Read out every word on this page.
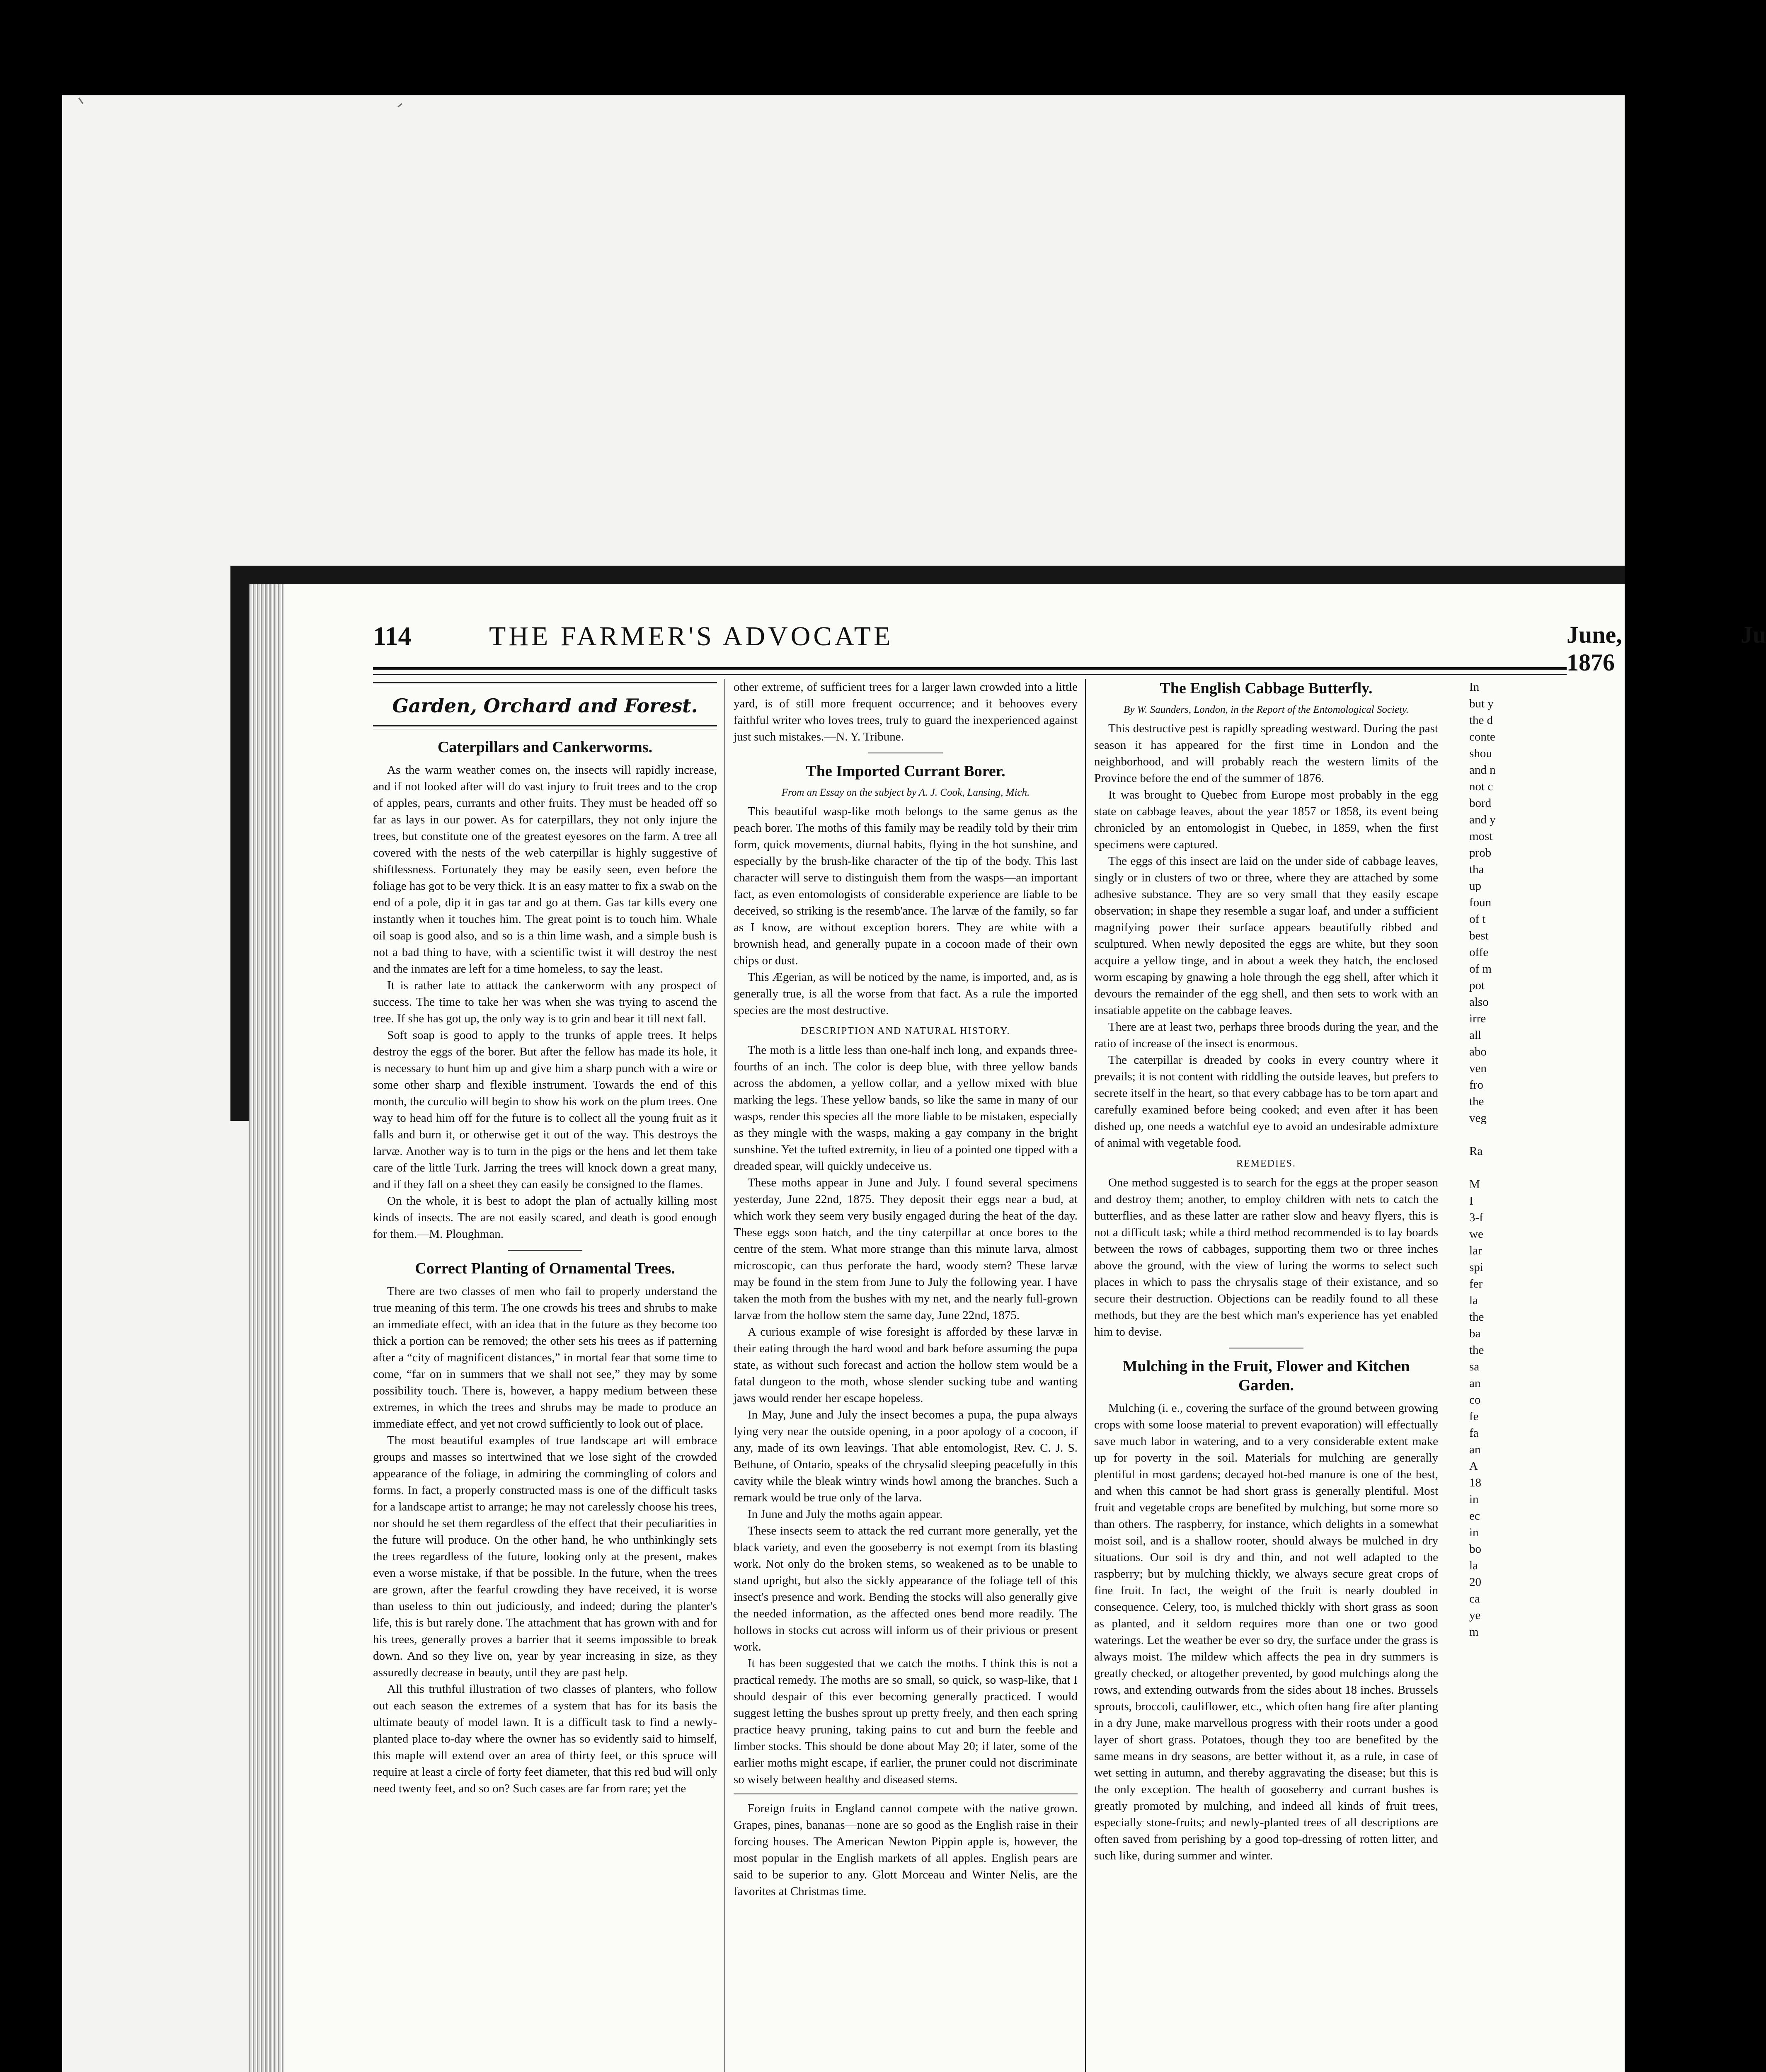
114	THE FARMER'S ADVOCATE	June, 1876
Ju
Garden, Orchard and Forest.
Caterpillars and Cankerworms.

As the warm weather comes on, the insects will rapidly increase, and if not looked after will do vast injury to fruit trees and to the crop of apples, pears, currants and other fruits. They must be headed off so far as lays in our power. As for caterpillars, they not only injure the trees, but constitute one of the greatest eyesores on the farm. A tree all covered with the nests of the web caterpillar is highly suggestive of shiftlessness. Fortunately they may be easily seen, even before the foliage has got to be very thick. It is an easy matter to fix a swab on the end of a pole, dip it in gas tar and go at them. Gas tar kills every one instantly when it touches him. The great point is to touch him. Whale oil soap is good also, and so is a thin lime wash, and a simple bush is not a bad thing to have, with a scientific twist it will destroy the nest and the inmates are left for a time homeless, to say the least.

It is rather late to atttack the cankerworm with any prospect of success. The time to take her was when she was trying to ascend the tree. If she has got up, the only way is to grin and bear it till next fall.

Soft soap is good to apply to the trunks of apple trees. It helps destroy the eggs of the borer. But after the fellow has made its hole, it is necessary to hunt him up and give him a sharp punch with a wire or some other sharp and flexible instrument. Towards the end of this month, the curculio will begin to show his work on the plum trees. One way to head him off for the future is to collect all the young fruit as it falls and burn it, or otherwise get it out of the way. This destroys the larvæ. Another way is to turn in the pigs or the hens and let them take care of the little Turk. Jarring the trees will knock down a great many, and if they fall on a sheet they can easily be consigned to the flames.

On the whole, it is best to adopt the plan of actually killing most kinds of insects. The are not easily scared, and death is good enough for them.—M. Ploughman.

Correct Planting of Ornamental Trees.

There are two classes of men who fail to properly understand the true meaning of this term. The one crowds his trees and shrubs to make an immediate effect, with an idea that in the future as they become too thick a portion can be removed; the other sets his trees as if patterning after a “city of magnificent distances,” in mortal fear that some time to come, “far on in summers that we shall not see,” they may by some possibility touch. There is, however, a happy medium between these extremes, in which the trees and shrubs may be made to produce an immediate effect, and yet not crowd sufficiently to look out of place.

The most beautiful examples of true landscape art will embrace groups and masses so intertwined that we lose sight of the crowded appearance of the foliage, in admiring the commingling of colors and forms. In fact, a properly constructed mass is one of the difficult tasks for a landscape artist to arrange; he may not carelessly choose his trees, nor should he set them regardless of the effect that their peculiarities in the future will produce. On the other hand, he who unthinkingly sets the trees regardless of the future, looking only at the present, makes even a worse mistake, if that be possible. In the future, when the trees are grown, after the fearful crowding they have received, it is worse than useless to thin out judiciously, and indeed; during the planter's life, this is but rarely done. The attachment that has grown with and for his trees, generally proves a barrier that it seems impossible to break down. And so they live on, year by year increasing in size, as they assuredly decrease in beauty, until they are past help.

All this truthful illustration of two classes of planters, who follow out each season the extremes of a system that has for its basis the ultimate beauty of model lawn. It is a difficult task to find a newly-planted place to-day where the owner has so evidently said to himself, this maple will extend over an area of thirty feet, or this spruce will require at least a circle of forty feet diameter, that this red bud will only need twenty feet, and so on? Such cases are far from rare; yet the

other extreme, of sufficient trees for a larger lawn crowded into a little yard, is of still more frequent occurrence; and it behooves every faithful writer who loves trees, truly to guard the inexperienced against just such mistakes.—N. Y. Tribune.

The Imported Currant Borer.
From an Essay on the subject by A. J. Cook, Lansing, Mich.

This beautiful wasp-like moth belongs to the same genus as the peach borer. The moths of this family may be readily told by their trim form, quick movements, diurnal habits, flying in the hot sunshine, and especially by the brush-like character of the tip of the body. This last character will serve to distinguish them from the wasps—an important fact, as even entomologists of considerable experience are liable to be deceived, so striking is the resemb'ance. The larvæ of the family, so far as I know, are without exception borers. They are white with a brownish head, and generally pupate in a cocoon made of their own chips or dust.

This Ægerian, as will be noticed by the name, is imported, and, as is generally true, is all the worse from that fact. As a rule the imported species are the most destructive.

DESCRIPTION AND NATURAL HISTORY.

The moth is a little less than one-half inch long, and expands three-fourths of an inch. The color is deep blue, with three yellow bands across the abdomen, a yellow collar, and a yellow mixed with blue marking the legs. These yellow bands, so like the same in many of our wasps, render this species all the more liable to be mistaken, especially as they mingle with the wasps, making a gay company in the bright sunshine. Yet the tufted extremity, in lieu of a pointed one tipped with a dreaded spear, will quickly undeceive us.

These moths appear in June and July. I found several specimens yesterday, June 22nd, 1875. They deposit their eggs near a bud, at which work they seem very busily engaged during the heat of the day. These eggs soon hatch, and the tiny caterpillar at once bores to the centre of the stem. What more strange than this minute larva, almost microscopic, can thus perforate the hard, woody stem? These larvæ may be found in the stem from June to July the following year. I have taken the moth from the bushes with my net, and the nearly full-grown larvæ from the hollow stem the same day, June 22nd, 1875.

A curious example of wise foresight is afforded by these larvæ in their eating through the hard wood and bark before assuming the pupa state, as without such forecast and action the hollow stem would be a fatal dungeon to the moth, whose slender sucking tube and wanting jaws would render her escape hopeless.

In May, June and July the insect becomes a pupa, the pupa always lying very near the outside opening, in a poor apology of a cocoon, if any, made of its own leavings. That able entomologist, Rev. C. J. S. Bethune, of Ontario, speaks of the chrysalid sleeping peacefully in this cavity while the bleak wintry winds howl among the branches. Such a remark would be true only of the larva.

In June and July the moths again appear.

These insects seem to attack the red currant more generally, yet the black variety, and even the gooseberry is not exempt from its blasting work. Not only do the broken stems, so weakened as to be unable to stand upright, but also the sickly appearance of the foliage tell of this insect's presence and work. Bending the stocks will also generally give the needed information, as the affected ones bend more readily. The hollows in stocks cut across will inform us of their privious or present work.

It has been suggested that we catch the moths. I think this is not a practical remedy. The moths are so small, so quick, so wasp-like, that I should despair of this ever becoming generally practiced. I would suggest letting the bushes sprout up pretty freely, and then each spring practice heavy pruning, taking pains to cut and burn the feeble and limber stocks. This should be done about May 20; if later, some of the earlier moths might escape, if earlier, the pruner could not discriminate so wisely between healthy and diseased stems.

Foreign fruits in England cannot compete with the native grown. Grapes, pines, bananas—none are so good as the English raise in their forcing houses. The American Newton Pippin apple is, however, the most popular in the English markets of all apples. English pears are said to be superior to any. Glott Morceau and Winter Nelis, are the favorites at Christmas time.

The English Cabbage Butterfly.
By W. Saunders, London, in the Report of the Entomological Society.

This destructive pest is rapidly spreading westward. During the past season it has appeared for the first time in London and the neighborhood, and will probably reach the western limits of the Province before the end of the summer of 1876.

It was brought to Quebec from Europe most probably in the egg state on cabbage leaves, about the year 1857 or 1858, its event being chronicled by an entomologist in Quebec, in 1859, when the first specimens were captured.

The eggs of this insect are laid on the under side of cabbage leaves, singly or in clusters of two or three, where they are attached by some adhesive substance. They are so very small that they easily escape observation; in shape they resemble a sugar loaf, and under a sufficient magnifying power their surface appears beautifully ribbed and sculptured. When newly deposited the eggs are white, but they soon acquire a yellow tinge, and in about a week they hatch, the enclosed worm escaping by gnawing a hole through the egg shell, after which it devours the remainder of the egg shell, and then sets to work with an insatiable appetite on the cabbage leaves.

There are at least two, perhaps three broods during the year, and the ratio of increase of the insect is enormous.

The caterpillar is dreaded by cooks in every country where it prevails; it is not content with riddling the outside leaves, but prefers to secrete itself in the heart, so that every cabbage has to be torn apart and carefully examined before being cooked; and even after it has been dished up, one needs a watchful eye to avoid an undesirable admixture of animal with vegetable food.

REMEDIES.

One method suggested is to search for the eggs at the proper season and destroy them; another, to employ children with nets to catch the butterflies, and as these latter are rather slow and heavy flyers, this is not a difficult task; while a third method recommended is to lay boards between the rows of cabbages, supporting them two or three inches above the ground, with the view of luring the worms to select such places in which to pass the chrysalis stage of their existance, and so secure their destruction. Objections can be readily found to all these methods, but they are the best which man's experience has yet enabled him to devise.

Mulching in the Fruit, Flower and Kitchen Garden.

Mulching (i. e., covering the surface of the ground between growing crops with some loose material to prevent evaporation) will effectually save much labor in watering, and to a very considerable extent make up for poverty in the soil. Materials for mulching are generally plentiful in most gardens; decayed hot-bed manure is one of the best, and when this cannot be had short grass is generally plentiful. Most fruit and vegetable crops are benefited by mulching, but some more so than others. The raspberry, for instance, which delights in a somewhat moist soil, and is a shallow rooter, should always be mulched in dry situations. Our soil is dry and thin, and not well adapted to the raspberry; but by mulching thickly, we always secure great crops of fine fruit. In fact, the weight of the fruit is nearly doubled in consequence. Celery, too, is mulched thickly with short grass as soon as planted, and it seldom requires more than one or two good waterings. Let the weather be ever so dry, the surface under the grass is always moist. The mildew which affects the pea in dry summers is greatly checked, or altogether prevented, by good mulchings along the rows, and extending outwards from the sides about 18 inches. Brussels sprouts, broccoli, cauliflower, etc., which often hang fire after planting in a dry June, make marvellous progress with their roots under a good layer of short grass. Potatoes, though they too are benefited by the same means in dry seasons, are better without it, as a rule, in case of wet setting in autumn, and thereby aggravating the disease; but this is the only exception. The health of gooseberry and currant bushes is greatly promoted by mulching, and indeed all kinds of fruit trees, especially stone-fruits; and newly-planted trees of all descriptions are often saved from perishing by a good top-dressing of rotten litter, and such like, during summer and winter.

In
but y
the d
conte
shou
and n
not c
bord
and y
most
prob
tha
up
foun
of t
best
offe
of m
pot
also
irre
all
abo
ven
fro
the
veg

Ra

M
I
3-f
we
lar
spi
fer
la
the
ba
the
sa
an
co
fe
fa
an
A
18
in
ec
in
bo
la
20
ca
ye
m
